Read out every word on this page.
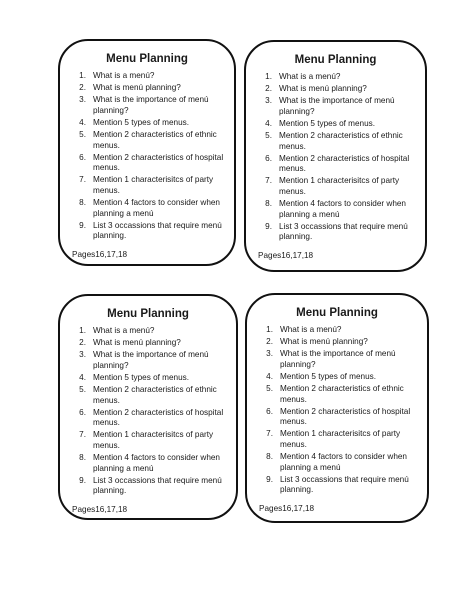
Menu Planning
1. What is a menú?
2. What is menú planning?
3. What is the importance of menú planning?
4. Mention 5 types of menus.
5. Mention 2 characteristics of ethnic menus.
6. Mention 2 characteristics of hospital menus.
7. Mention 1 characterisitcs of party menus.
8. Mention 4 factors to consider when planning a menú
9. List 3 occassions that require menú planning.
Pages16,17,18
Menu Planning
1. What is a menú?
2. What is menú planning?
3. What is the importance of menú planning?
4. Mention 5 types of menus.
5. Mention 2 characteristics of ethnic menus.
6. Mention 2 characteristics of hospital menus.
7. Mention 1 characterisitcs of party menus.
8. Mention 4 factors to consider when planning a menú
9. List 3 occassions that require menú planning.
Pages16,17,18
Menu Planning
1. What is a menú?
2. What is menú planning?
3. What is the importance of menú planning?
4. Mention 5 types of menus.
5. Mention 2 characteristics of ethnic menus.
6. Mention 2 characteristics of hospital menus.
7. Mention 1 characterisitcs of party menus.
8. Mention 4 factors to consider when planning a menú
9. List 3 occassions that require menú planning.
Pages16,17,18
Menu Planning
1. What is a menú?
2. What is menú planning?
3. What is the importance of menú planning?
4. Mention 5 types of menus.
5. Mention 2 characteristics of ethnic menus.
6. Mention 2 characteristics of hospital menus.
7. Mention 1 characterisitcs of party menus.
8. Mention 4 factors to consider when planning a menú
9. List 3 occassions that require menú planning.
Pages16,17,18
